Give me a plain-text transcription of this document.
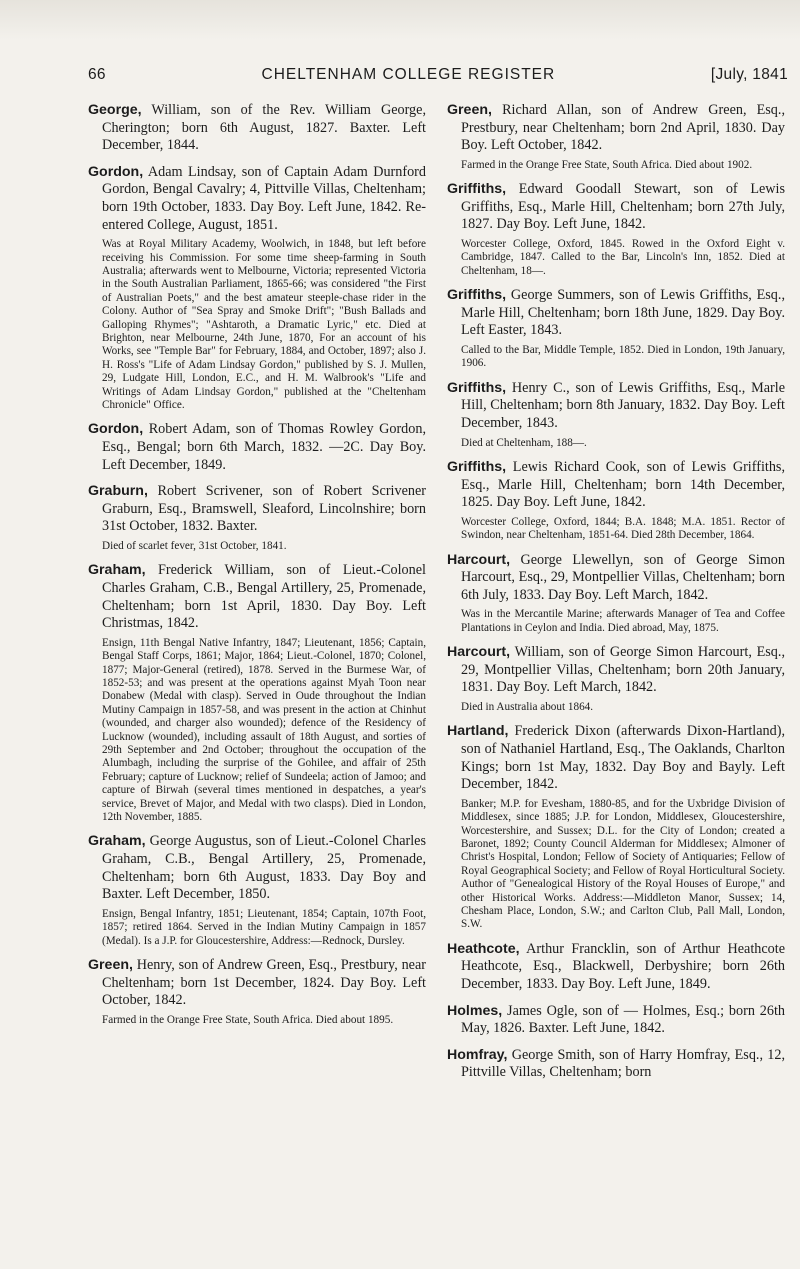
66	CHELTENHAM COLLEGE REGISTER	[July, 1841

George, William, son of the Rev. William George, Cherington; born 6th August, 1827. Baxter. Left December, 1844.

Gordon, Adam Lindsay, son of Captain Adam Durnford Gordon, Bengal Cavalry; 4, Pittville Villas, Cheltenham; born 19th October, 1833. Day Boy. Left June, 1842. Re-entered College, August, 1851.

Was at Royal Military Academy, Woolwich, in 1848, but left before receiving his Commission. For some time sheep-farming in South Australia; afterwards went to Melbourne, Victoria; represented Victoria in the South Australian Parliament, 1865-66; was considered "the First of Australian Poets," and the best amateur steeple-chase rider in the Colony. Author of "Sea Spray and Smoke Drift"; "Bush Ballads and Galloping Rhymes"; "Ashtaroth, a Dramatic Lyric," etc. Died at Brighton, near Melbourne, 24th June, 1870, For an account of his Works, see "Temple Bar" for February, 1884, and October, 1897; also J. H. Ross's "Life of Adam Lindsay Gordon," published by S. J. Mullen, 29, Ludgate Hill, London, E.C., and H. M. Walbrook's "Life and Writings of Adam Lindsay Gordon," published at the "Cheltenham Chronicle" Office.

Gordon, Robert Adam, son of Thomas Rowley Gordon, Esq., Bengal; born 6th March, 1832. —2C. Day Boy. Left December, 1849.

Graburn, Robert Scrivener, son of Robert Scrivener Graburn, Esq., Bramswell, Sleaford, Lincolnshire; born 31st October, 1832. Baxter.

Died of scarlet fever, 31st October, 1841.

Graham, Frederick William, son of Lieut.-Colonel Charles Graham, C.B., Bengal Artillery, 25, Promenade, Cheltenham; born 1st April, 1830. Day Boy. Left Christmas, 1842.

Ensign, 11th Bengal Native Infantry, 1847; Lieutenant, 1856; Captain, Bengal Staff Corps, 1861; Major, 1864; Lieut.-Colonel, 1870; Colonel, 1877; Major-General (retired), 1878. Served in the Burmese War, of 1852-53; and was present at the operations against Myah Toon near Donabew (Medal with clasp). Served in Oude throughout the Indian Mutiny Campaign in 1857-58, and was present in the action at Chinhut (wounded, and charger also wounded); defence of the Residency of Lucknow (wounded), including assault of 18th August, and sorties of 29th September and 2nd October; throughout the occupation of the Alumbagh, including the surprise of the Gohilee, and affair of 25th February; capture of Lucknow; relief of Sundeela; action of Jamoo; and capture of Birwah (several times mentioned in despatches, a year's service, Brevet of Major, and Medal with two clasps). Died in London, 12th November, 1885.

Graham, George Augustus, son of Lieut.-Colonel Charles Graham, C.B., Bengal Artillery, 25, Promenade, Cheltenham; born 6th August, 1833. Day Boy and Baxter. Left December, 1850.

Ensign, Bengal Infantry, 1851; Lieutenant, 1854; Captain, 107th Foot, 1857; retired 1864. Served in the Indian Mutiny Campaign in 1857 (Medal). Is a J.P. for Gloucestershire, Address:—Rednock, Dursley.

Green, Henry, son of Andrew Green, Esq., Prestbury, near Cheltenham; born 1st December, 1824. Day Boy. Left October, 1842.

Farmed in the Orange Free State, South Africa. Died about 1895.

Green, Richard Allan, son of Andrew Green, Esq., Prestbury, near Cheltenham; born 2nd April, 1830. Day Boy. Left October, 1842.

Farmed in the Orange Free State, South Africa. Died about 1902.

Griffiths, Edward Goodall Stewart, son of Lewis Griffiths, Esq., Marle Hill, Cheltenham; born 27th July, 1827. Day Boy. Left June, 1842.

Worcester College, Oxford, 1845. Rowed in the Oxford Eight v. Cambridge, 1847. Called to the Bar, Lincoln's Inn, 1852. Died at Cheltenham, 18—.

Griffiths, George Summers, son of Lewis Griffiths, Esq., Marle Hill, Cheltenham; born 18th June, 1829. Day Boy. Left Easter, 1843.

Called to the Bar, Middle Temple, 1852. Died in London, 19th January, 1906.

Griffiths, Henry C., son of Lewis Griffiths, Esq., Marle Hill, Cheltenham; born 8th January, 1832. Day Boy. Left December, 1843.

Died at Cheltenham, 188—.

Griffiths, Lewis Richard Cook, son of Lewis Griffiths, Esq., Marle Hill, Cheltenham; born 14th December, 1825. Day Boy. Left June, 1842.

Worcester College, Oxford, 1844; B.A. 1848; M.A. 1851. Rector of Swindon, near Cheltenham, 1851-64. Died 28th December, 1864.

Harcourt, George Llewellyn, son of George Simon Harcourt, Esq., 29, Montpellier Villas, Cheltenham; born 6th July, 1833. Day Boy. Left March, 1842.

Was in the Mercantile Marine; afterwards Manager of Tea and Coffee Plantations in Ceylon and India. Died abroad, May, 1875.

Harcourt, William, son of George Simon Harcourt, Esq., 29, Montpellier Villas, Cheltenham; born 20th January, 1831. Day Boy. Left March, 1842.

Died in Australia about 1864.

Hartland, Frederick Dixon (afterwards Dixon-Hartland), son of Nathaniel Hartland, Esq., The Oaklands, Charlton Kings; born 1st May, 1832. Day Boy and Bayly. Left December, 1842.

Banker; M.P. for Evesham, 1880-85, and for the Uxbridge Division of Middlesex, since 1885; J.P. for London, Middlesex, Gloucestershire, Worcestershire, and Sussex; D.L. for the City of London; created a Baronet, 1892; County Council Alderman for Middlesex; Almoner of Christ's Hospital, London; Fellow of Society of Antiquaries; Fellow of Royal Geographical Society; and Fellow of Royal Horticultural Society. Author of "Genealogical History of the Royal Houses of Europe," and other Historical Works. Address:—Middleton Manor, Sussex; 14, Chesham Place, London, S.W.; and Carlton Club, Pall Mall, London, S.W.

Heathcote, Arthur Francklin, son of Arthur Heathcote Heathcote, Esq., Blackwell, Derbyshire; born 26th December, 1833. Day Boy. Left June, 1849.

Holmes, James Ogle, son of — Holmes, Esq.; born 26th May, 1826. Baxter. Left June, 1842.

Homfray, George Smith, son of Harry Homfray, Esq., 12, Pittville Villas, Cheltenham; born
